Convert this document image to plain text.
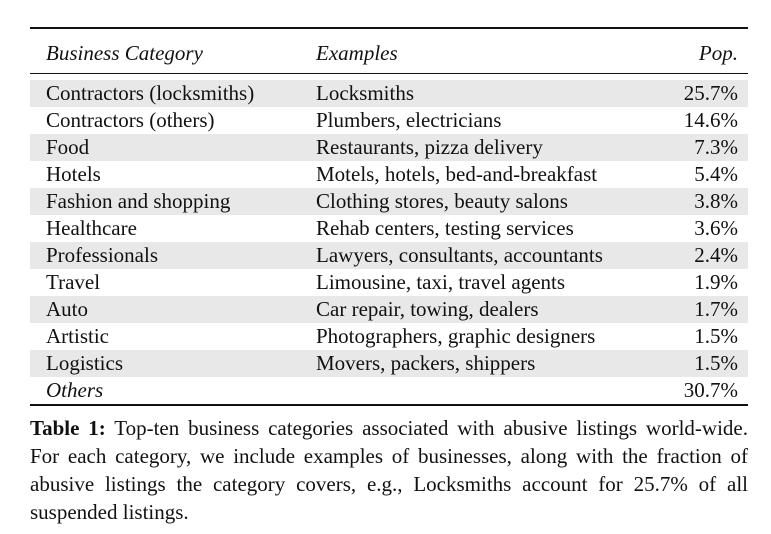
Business Category	Examples	Pop.

Contractors (locksmiths)	Locksmiths	25.7%
Contractors (others)	Plumbers, electricians	14.6%
Food	Restaurants, pizza delivery	7.3%
Hotels	Motels, hotels, bed-and-breakfast	5.4%
Fashion and shopping	Clothing stores, beauty salons	3.8%
Healthcare	Rehab centers, testing services	3.6%
Professionals	Lawyers, consultants, accountants	2.4%
Travel	Limousine, taxi, travel agents	1.9%
Auto	Car repair, towing, dealers	1.7%
Artistic	Photographers, graphic designers	1.5%
Logistics	Movers, packers, shippers	1.5%
Others		30.7%
Table 1: Top-ten business categories associated with abusive listings world-wide. For each category, we include examples of businesses, along with the fraction of abusive listings the category covers, e.g., Locksmiths account for 25.7% of all suspended listings.
